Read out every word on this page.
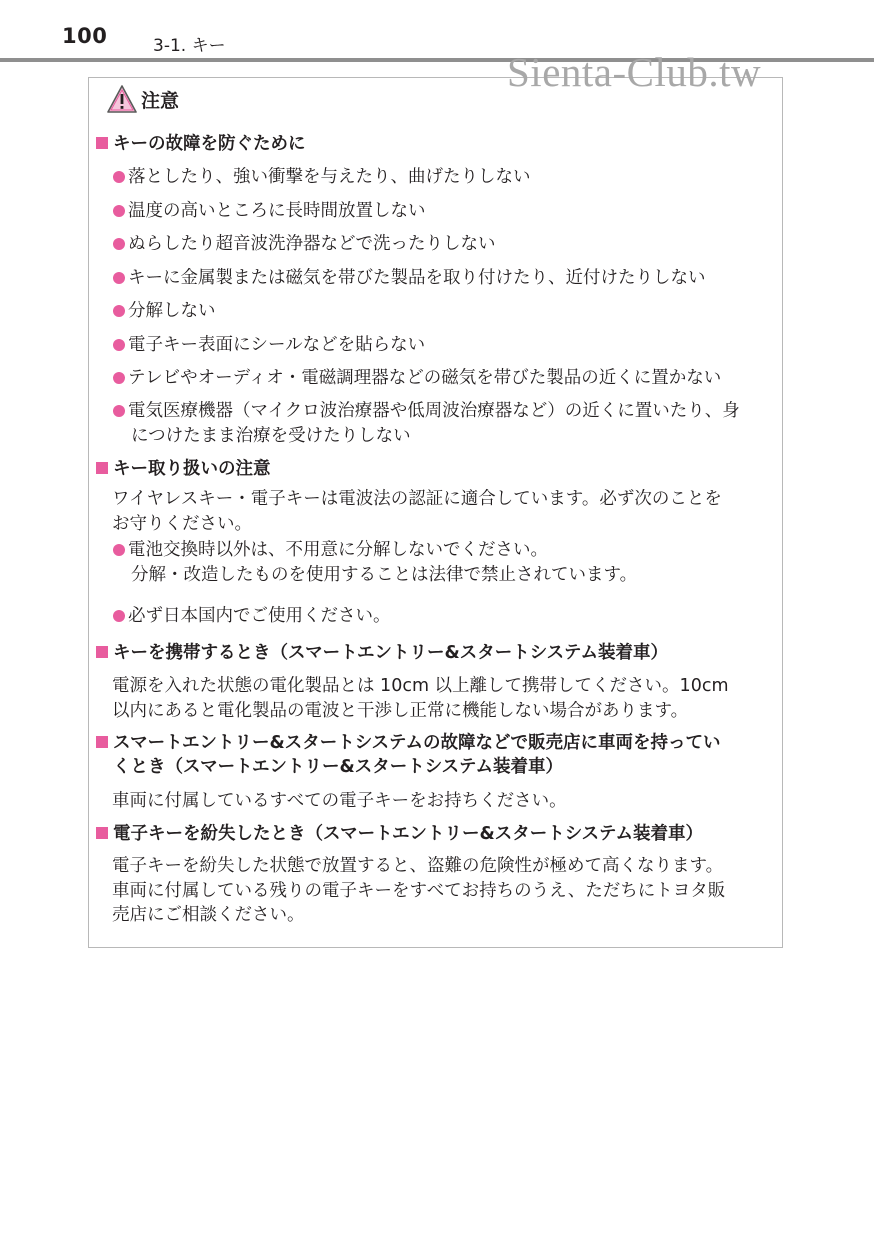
100	3-1. キー
注意
キーの故障を防ぐために
落としたり、強い衝撃を与えたり、曲げたりしない
温度の高いところに長時間放置しない
ぬらしたり超音波洗浄器などで洗ったりしない
キーに金属製または磁気を帯びた製品を取り付けたり、近付けたりしない
分解しない
電子キー表面にシールなどを貼らない
テレビやオーディオ・電磁調理器などの磁気を帯びた製品の近くに置かない
電気医療機器（マイクロ波治療器や低周波治療器など）の近くに置いたり、身
につけたまま治療を受けたりしない
キー取り扱いの注意
ワイヤレスキー・電子キーは電波法の認証に適合しています。必ず次のことを
お守りください。
電池交換時以外は、不用意に分解しないでください。
分解・改造したものを使用することは法律で禁止されています。
必ず日本国内でご使用ください。
キーを携帯するとき（スマートエントリー&スタートシステム装着車）
電源を入れた状態の電化製品とは 10cm 以上離して携帯してください。10cm
以内にあると電化製品の電波と干渉し正常に機能しない場合があります。
スマートエントリー&スタートシステムの故障などで販売店に車両を持ってい
くとき（スマートエントリー&スタートシステム装着車）
車両に付属しているすべての電子キーをお持ちください。
電子キーを紛失したとき（スマートエントリー&スタートシステム装着車）
電子キーを紛失した状態で放置すると、盗難の危険性が極めて高くなります。
車両に付属している残りの電子キーをすべてお持ちのうえ、ただちにトヨタ販
売店にご相談ください。
Sienta-Club.tw
